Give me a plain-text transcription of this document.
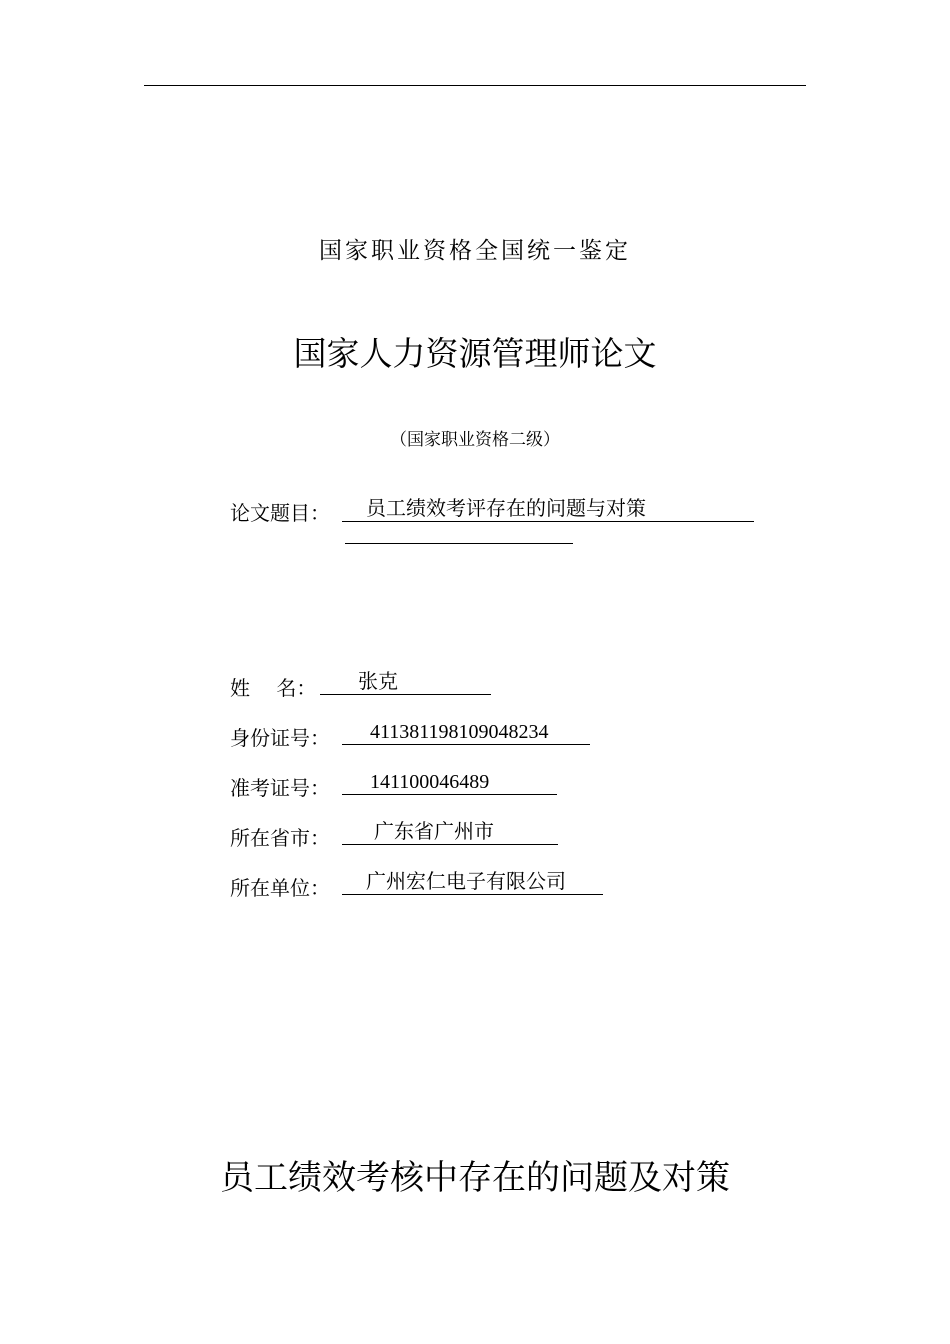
国家职业资格全国统一鉴定
国家人力资源管理师论文
（国家职业资格二级）
论文题目： 员工绩效考评存在的问题与对策
姓　 名： 张克
身份证号： 411381198109048234
准考证号： 141100046489
所在省市： 广东省广州市
所在单位： 广州宏仁电子有限公司
员工绩效考核中存在的问题及对策
